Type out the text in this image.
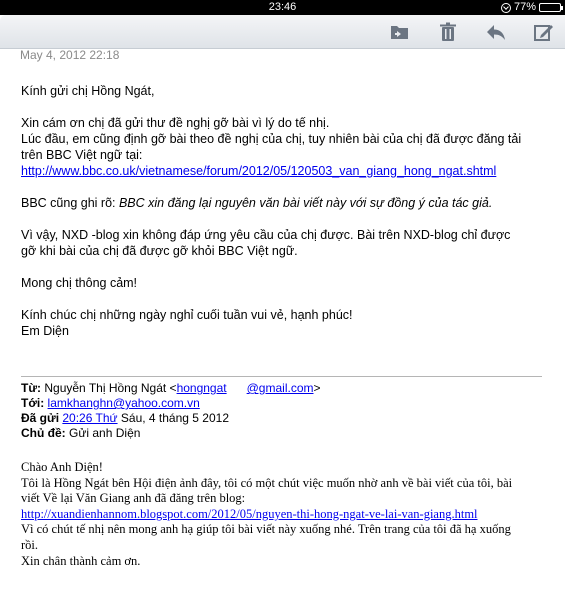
23:46	77%
May 4, 2012 22:18

Kính gửi chị Hồng Ngát,

Xin cám ơn chị đã gửi thư đề nghị gỡ bài vì lý do tế nhị.

Lúc đầu, em cũng định gỡ bài theo đề nghị của chị, tuy nhiên bài của chị đã được đăng tải

trên BBC Việt ngữ tại:

http://www.bbc.co.uk/vietnamese/forum/2012/05/120503_van_giang_hong_ngat.shtml

BBC cũng ghi rõ: BBC xin đăng lại nguyên văn bài viết này với sự đồng ý của tác giả.

Vì vậy, NXD -blog xin không đáp ứng yêu cầu của chị được. Bài trên NXD-blog chỉ được

gỡ khi bài của chị đã được gỡ khỏi BBC Việt ngữ.

Mong chị thông cảm!

Kính chúc chị những ngày nghỉ cuối tuần vui vẻ, hạnh phúc!

Em Diện

Từ: Nguyễn Thị Hồng Ngát <hongngat @gmail.com>
Tới: lamkhanghn@yahoo.com.vn
Đã gửi 20:26 Thứ Sáu, 4 tháng 5 2012
Chủ đề: Gửi anh Diện
Chào Anh Diện!
Tôi là Hồng Ngát bên Hội điện ảnh đây, tôi có một chút việc muốn nhờ anh về bài viết của tôi, bài
viết Về lại Văn Giang anh đã đăng trên blog:
http://xuandienhannom.blogspot.com/2012/05/nguyen-thi-hong-ngat-ve-lai-van-giang.html
Vì có chút tế nhị nên mong anh hạ giúp tôi bài viết này xuống nhé. Trên trang của tôi đã hạ xuống
rồi.
Xin chân thành cảm ơn.
